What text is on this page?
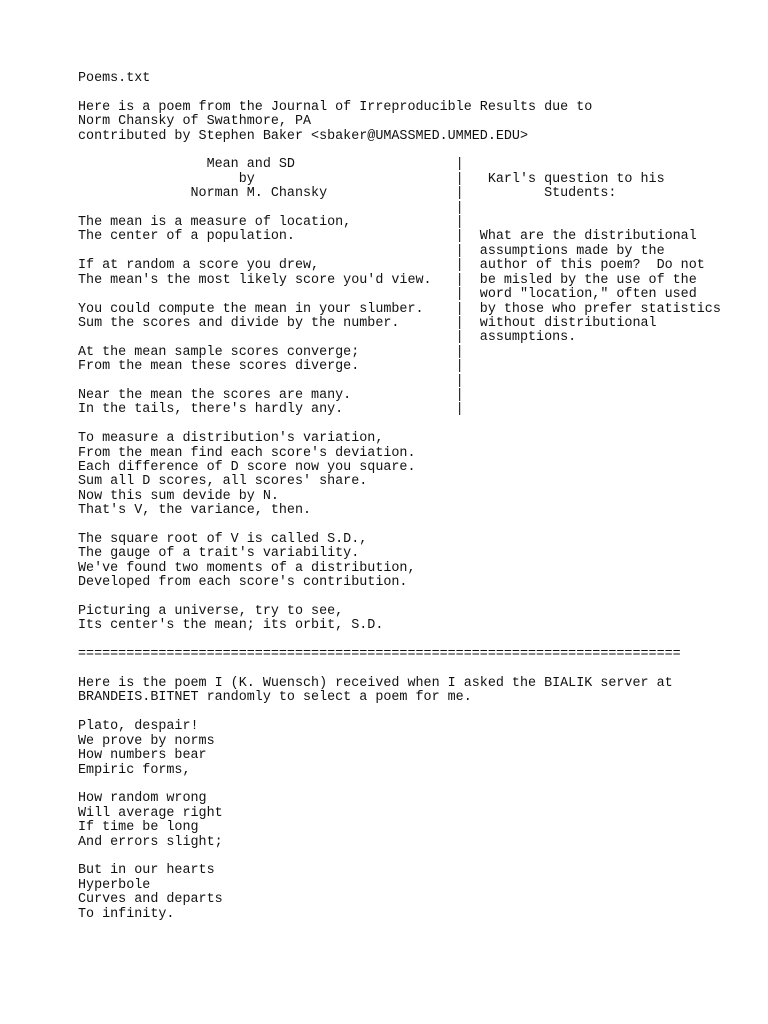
Poems.txt

Here is a poem from the Journal of Irreproducible Results due to
Norm Chansky of Swathmore, PA
contributed by Stephen Baker <sbaker@UMASSMED.UMMED.EDU>

Mean and SD                    |
by                         |   Karl's question to his
Norman M. Chansky                |          Students:
|
The mean is a measure of location,             |
The center of a population.                    |  What are the distributional
|  assumptions made by the
If at random a score you drew,                 |  author of this poem?  Do not
The mean's the most likely score you'd view.   |  be misled by the use of the
|  word "location," often used
You could compute the mean in your slumber.    |  by those who prefer statistics
Sum the scores and divide by the number.       |  without distributional
|  assumptions.
At the mean sample scores converge;            |
From the mean these scores diverge.            |
|
Near the mean the scores are many.             |
In the tails, there's hardly any.              |

To measure a distribution's variation,
From the mean find each score's deviation.
Each difference of D score now you square.
Sum all D scores, all scores' share.
Now this sum devide by N.
That's V, the variance, then.

The square root of V is called S.D.,
The gauge of a trait's variability.
We've found two moments of a distribution,
Developed from each score's contribution.

Picturing a universe, try to see,
Its center's the mean; its orbit, S.D.

===========================================================================

Here is the poem I (K. Wuensch) received when I asked the BIALIK server at
BRANDEIS.BITNET randomly to select a poem for me.

Plato, despair!
We prove by norms
How numbers bear
Empiric forms,

How random wrong
Will average right
If time be long
And errors slight;

But in our hearts
Hyperbole
Curves and departs
To infinity.
